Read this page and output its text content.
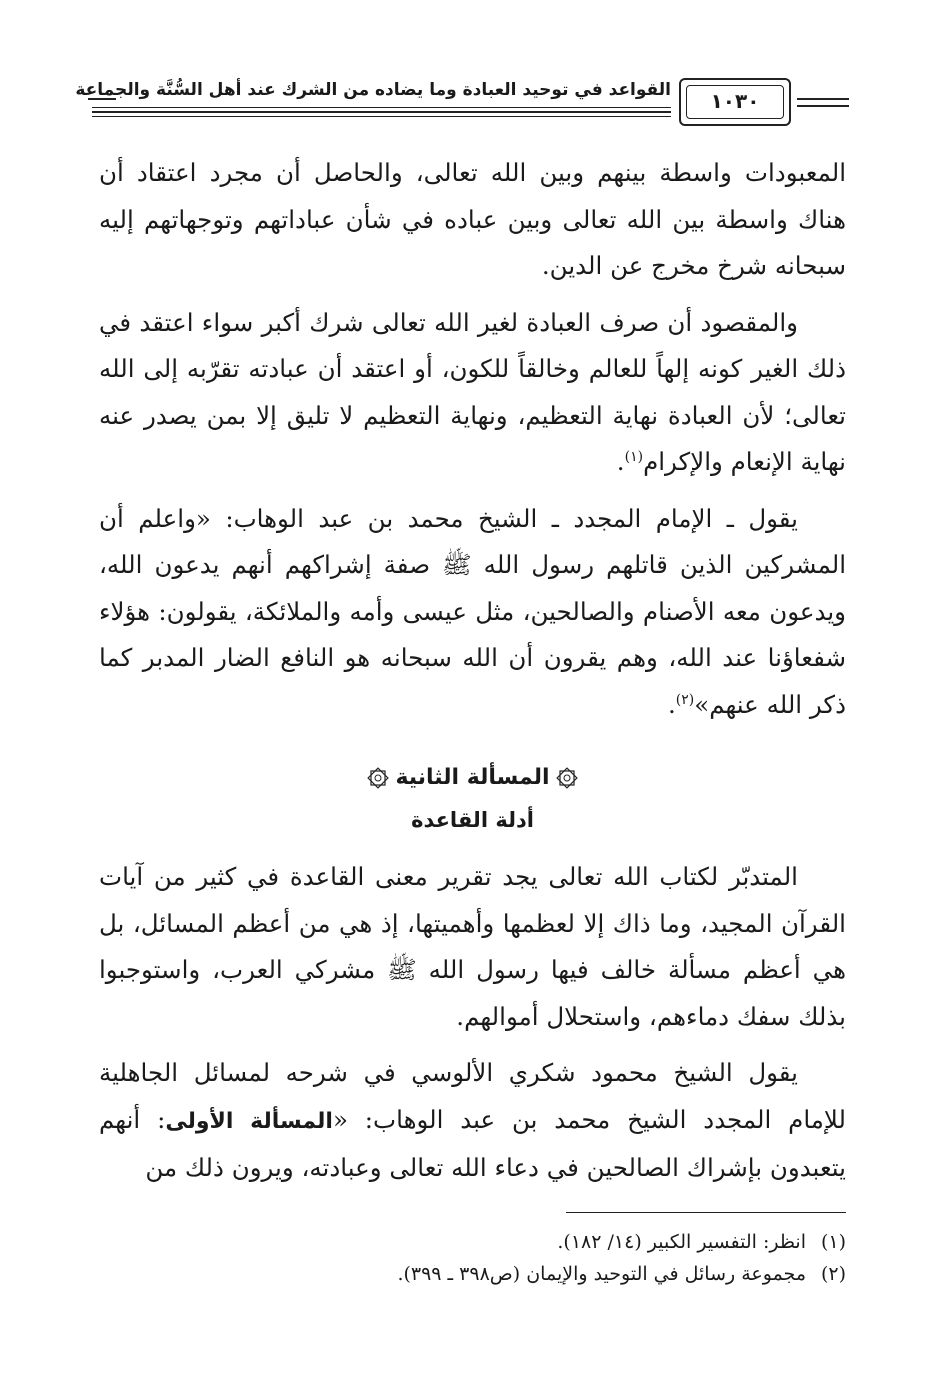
القواعد في توحيد العبادة وما يضاده من الشرك عند أهل السُّنَّة والجماعة	١٠٣٠

المعبودات واسطة بينهم وبين الله تعالى، والحاصل أن مجرد اعتقاد أن هناك واسطة بين الله تعالى وبين عباده في شأن عباداتهم وتوجهاتهم إليه سبحانه شرخ مخرج عن الدين.

والمقصود أن صرف العبادة لغير الله تعالى شرك أكبر سواء اعتقد في ذلك الغير كونه إلهاً للعالم وخالقاً للكون، أو اعتقد أن عبادته تقرّبه إلى الله تعالى؛ لأن العبادة نهاية التعظيم، ونهاية التعظيم لا تليق إلا بمن يصدر عنه نهاية الإنعام والإكرام$^{(١)}$.

يقول ـ الإمام المجدد ـ الشيخ محمد بن عبد الوهاب: «واعلم أن المشركين الذين قاتلهم رسول الله ﷺ صفة إشراكهم أنهم يدعون الله، ويدعون معه الأصنام والصالحين، مثل عيسى وأمه والملائكة، يقولون: هؤلاء شفعاؤنا عند الله، وهم يقرون أن الله سبحانه هو النافع الضار المدبر كما ذكر الله عنهم»$^{(٢)}$.

المسألة الثانية
أدلة القاعدة

المتدبّر لكتاب الله تعالى يجد تقرير معنى القاعدة في كثير من آيات القرآن المجيد، وما ذاك إلا لعظمها وأهميتها، إذ هي من أعظم المسائل، بل هي أعظم مسألة خالف فيها رسول الله ﷺ مشركي العرب، واستوجبوا بذلك سفك دماءهم، واستحلال أموالهم.

يقول الشيخ محمود شكري الألوسي في شرحه لمسائل الجاهلية للإمام المجدد الشيخ محمد بن عبد الوهاب: «المسألة الأولى: أنهم يتعبدون بإشراك الصالحين في دعاء الله تعالى وعبادته، ويرون ذلك من

(١)انظر: التفسير الكبير (١٤/ ١٨٢).
(٢)مجموعة رسائل في التوحيد والإيمان (ص٣٩٨ ـ ٣٩٩).
